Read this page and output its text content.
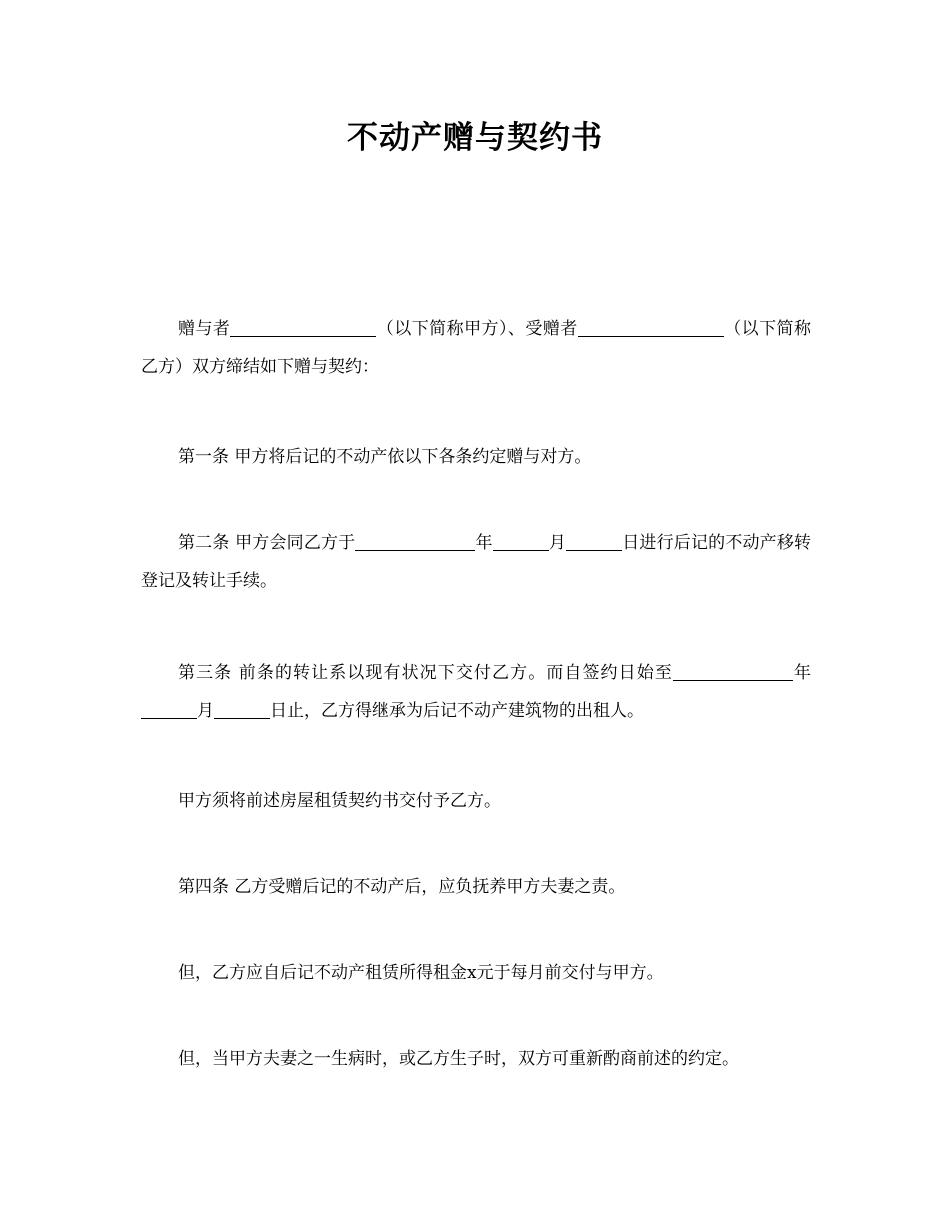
不动产赠与契约书

赠与者	（以下简称甲方）、受赠者	（以下简称乙方）双方缔结如下赠与契约：

第一条 甲方将后记的不动产依以下各条约定赠与对方。

第二条 甲方会同乙方于	年	月	日进行后记的不动产移转登记及转让手续。

第三条 前条的转让系以现有状况下交付乙方。而自签约日始至	年月	日止，乙方得继承为后记不动产建筑物的出租人。

甲方须将前述房屋租赁契约书交付予乙方。

第四条 乙方受赠后记的不动产后，应负抚养甲方夫妻之责。

但，乙方应自后记不动产租赁所得租金x元于每月前交付与甲方。

但，当甲方夫妻之一生病时，或乙方生子时，双方可重新酌商前述的约定。
